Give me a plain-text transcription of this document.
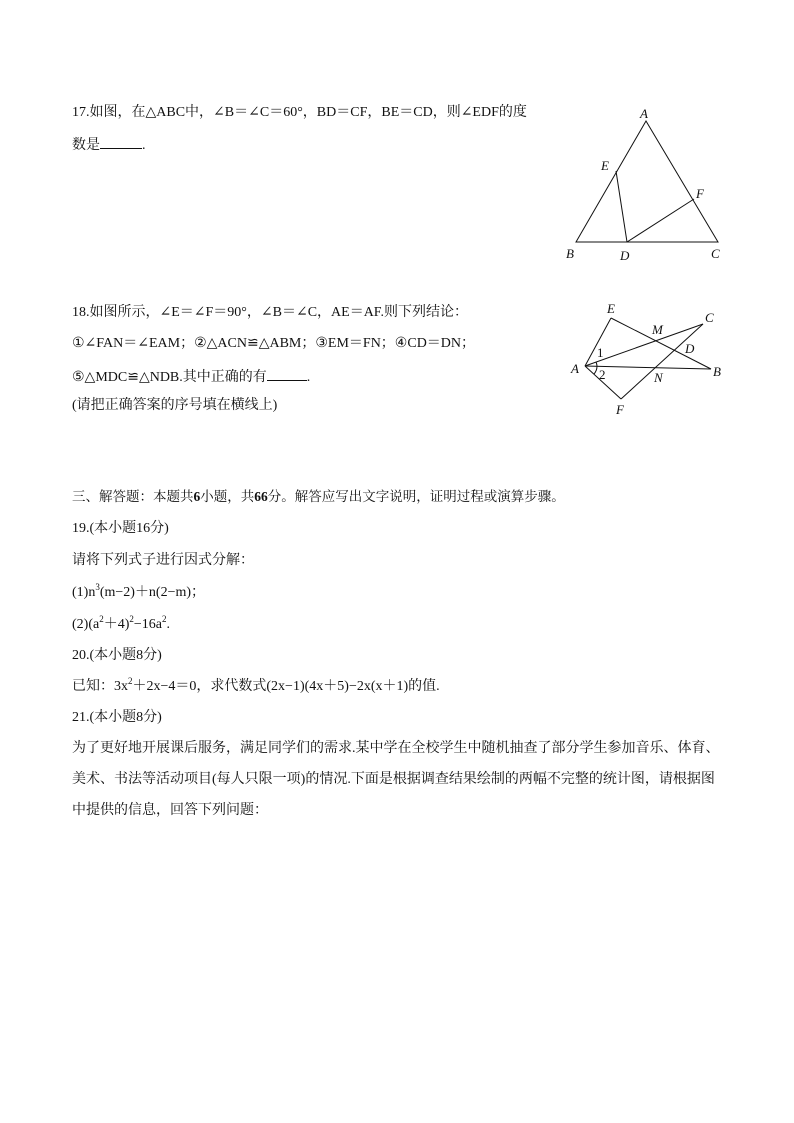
17.如图，在△ABC中，∠B＝∠C＝60°，BD＝CF，BE＝CD，则∠EDF的度
数是	.
A
E
F
B	D	C
18.如图所示，∠E＝∠F＝90°，∠B＝∠C，AE＝AF.则下列结论：
①∠FAN＝∠EAM；②△ACN≌△ABM；③EM＝FN；④CD＝DN；
⑤△MDC≌△NDB.其中正确的有	.
(请把正确答案的序号填在横线上)
E
C
M
D
A
1
2	N	B
F
三、解答题：本题共6小题，共66分。解答应写出文字说明，证明过程或演算步骤。
19.(本小题16分)
请将下列式子进行因式分解：
$(1)n^3(m-2)+n(2-m)$；
$(2)(a^2+4)^2-16a^2$.
20.(本小题8分)
已知：$3x^2+2x-4=0$，求代数式(2x−1)(4x＋5)−2x(x＋1)的值.
21.(本小题8分)
为了更好地开展课后服务，满足同学们的需求.某中学在全校学生中随机抽查了部分学生参加音乐、体育、
美术、书法等活动项目(每人只限一项)的情况.下面是根据调查结果绘制的两幅不完整的统计图，请根据图
中提供的信息，回答下列问题：
